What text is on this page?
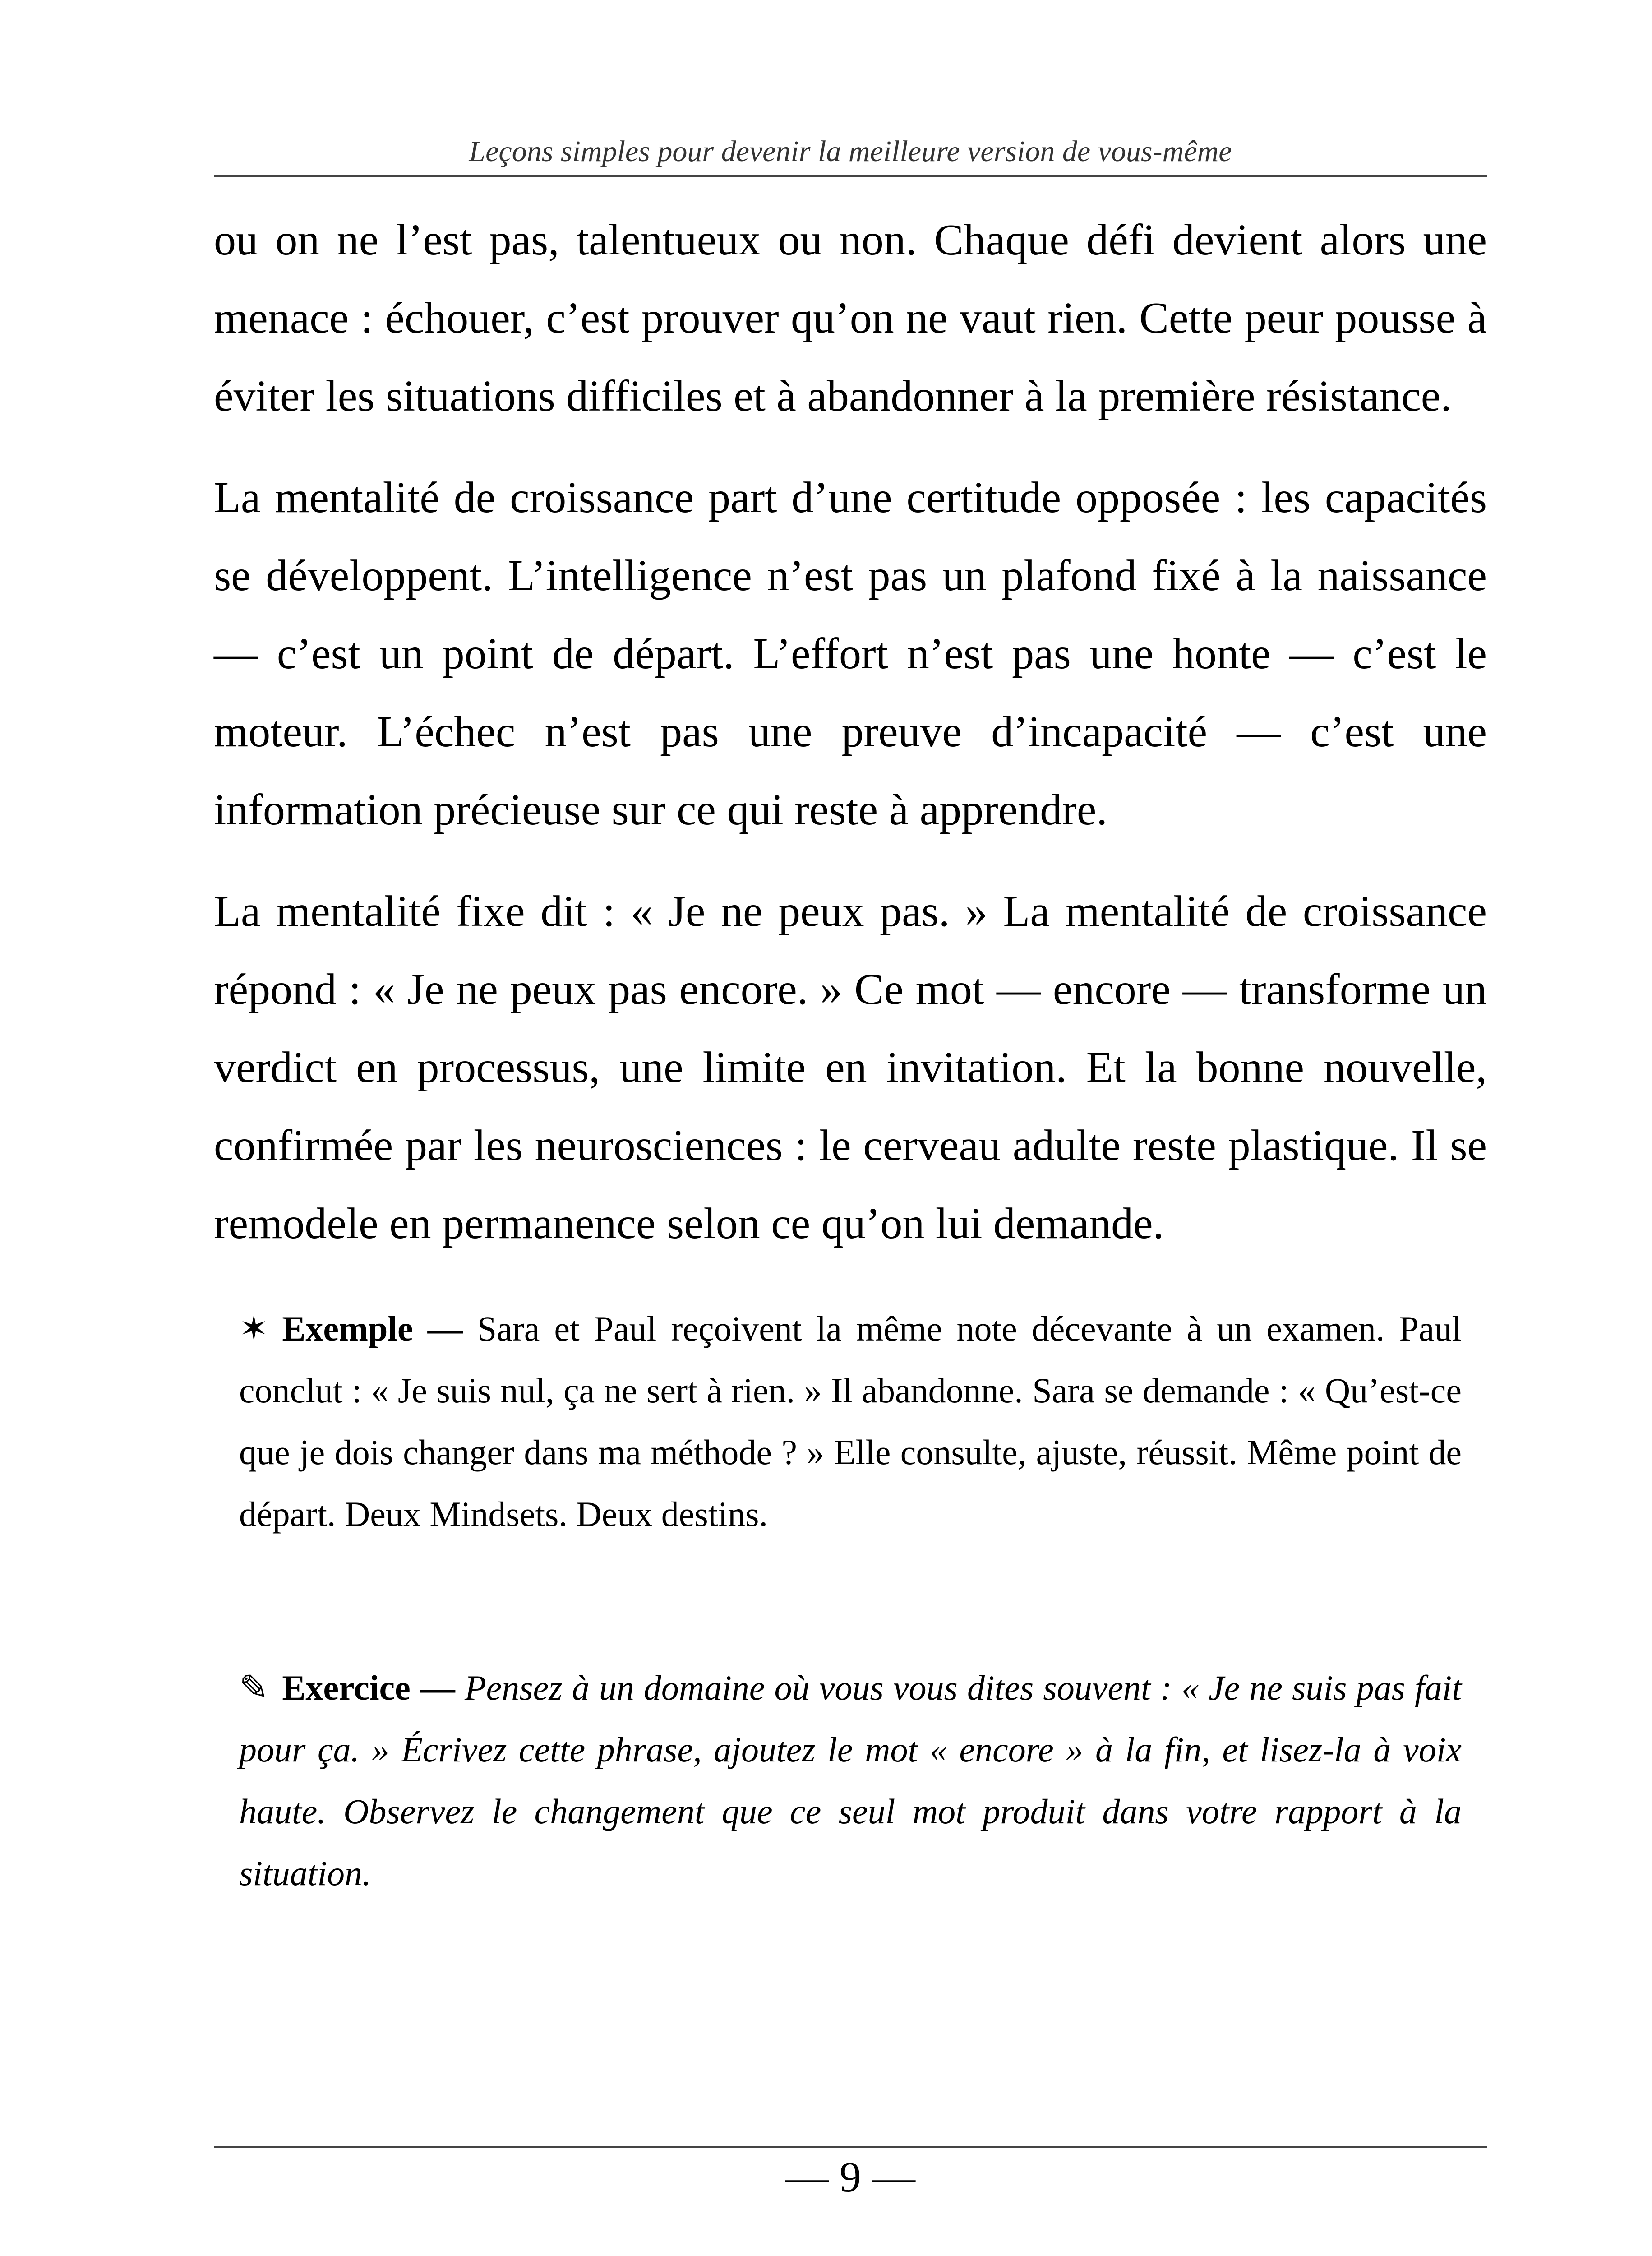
Leçons simples pour devenir la meilleure version de vous-même

ou on ne l’est pas, talentueux ou non. Chaque défi devient alors une menace : échouer, c’est prouver qu’on ne vaut rien. Cette peur pousse à éviter les situations difficiles et à abandonner à la première résistance.

La mentalité de croissance part d’une certitude opposée : les capacités se développent. L’intelligence n’est pas un plafond fixé à la naissance — c’est un point de départ. L’effort n’est pas une honte — c’est le moteur. L’échec n’est pas une preuve d’incapacité — c’est une information précieuse sur ce qui reste à apprendre.

La mentalité fixe dit : « Je ne peux pas. » La mentalité de croissance répond : « Je ne peux pas encore. » Ce mot — encore — transforme un verdict en processus, une limite en invitation. Et la bonne nouvelle, confirmée par les neurosciences : le cerveau adulte reste plastique. Il se remodele en permanence selon ce qu’on lui demande.

✶ Exemple — Sara et Paul reçoivent la même note décevante à un examen. Paul conclut : « Je suis nul, ça ne sert à rien. » Il abandonne. Sara se demande : « Qu’est-ce que je dois changer dans ma méthode ? » Elle consulte, ajuste, réussit. Même point de départ. Deux Mindsets. Deux destins.

✎ Exercice — Pensez à un domaine où vous vous dites souvent : « Je ne suis pas fait pour ça. » Écrivez cette phrase, ajoutez le mot « encore » à la fin, et lisez-la à voix haute. Observez le changement que ce seul mot produit dans votre rapport à la situation.

— 9 —
